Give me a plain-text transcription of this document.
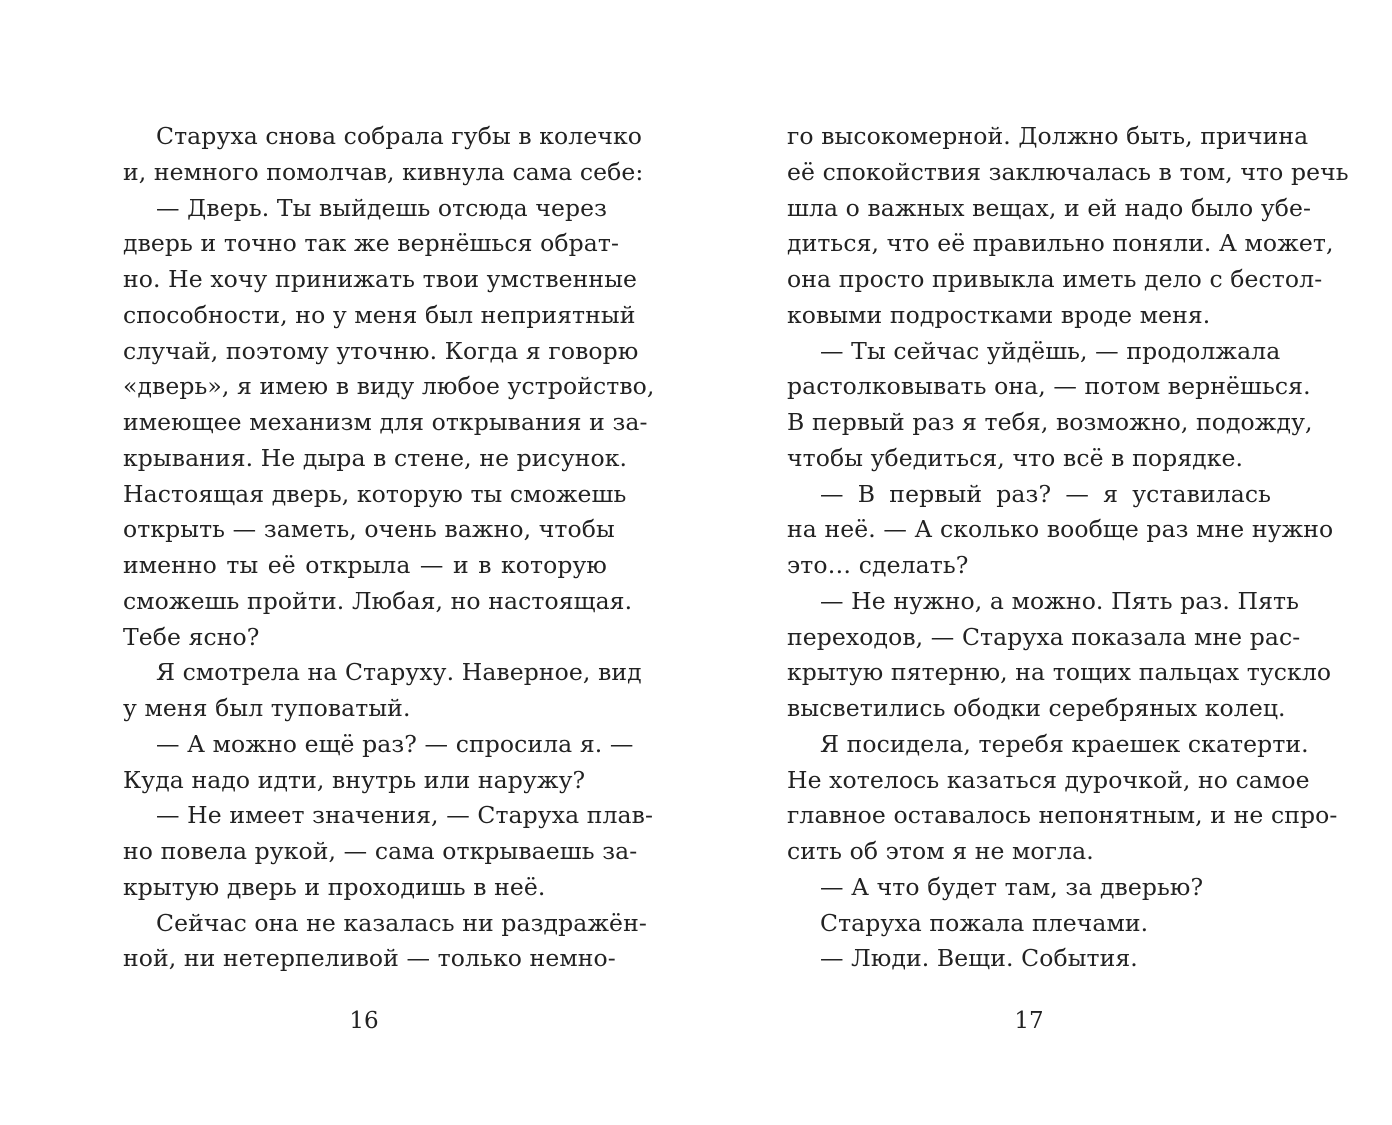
Старуха снова собрала губы в колечко
и, немного помолчав, кивнула сама себе:
— Дверь. Ты выйдешь отсюда через
дверь и точно так же вернёшься обрат-
но. Не хочу принижать твои умственные
способности, но у меня был неприятный
случай, поэтому уточню. Когда я говорю
«дверь», я имею в виду любое устройство,
имеющее механизм для открывания и за-
крывания. Не дыра в стене, не рисунок.
Настоящая дверь, которую ты сможешь
открыть — заметь, очень важно, чтобы
именно ты её открыла — и в которую
сможешь пройти. Любая, но настоящая.
Тебе ясно?
Я смотрела на Старуху. Наверное, вид
у меня был туповатый.
— А можно ещё раз? — спросила я. —
Куда надо идти, внутрь или наружу?
— Не имеет значения, — Старуха плав-
но повела рукой, — сама открываешь за-
крытую дверь и проходишь в неё.
Сейчас она не казалась ни раздражён-
ной, ни нетерпеливой — только немно-
го высокомерной. Должно быть, причина
её спокойствия заключалась в том, что речь
шла о важных вещах, и ей надо было убе-
диться, что её правильно поняли. А может,
она просто привыкла иметь дело с бестол-
ковыми подростками вроде меня.
— Ты сейчас уйдёшь, — продолжала
растолковывать она, — потом вернёшься.
В первый раз я тебя, возможно, подожду,
чтобы убедиться, что всё в порядке.
— В первый раз? — я уставилась
на неё. — А сколько вообще раз мне нужно
это… сделать?
— Не нужно, а можно. Пять раз. Пять
переходов, — Старуха показала мне рас-
крытую пятерню, на тощих пальцах тускло
высветились ободки серебряных колец.
Я посидела, теребя краешек скатерти.
Не хотелось казаться дурочкой, но самое
главное оставалось непонятным, и не спро-
сить об этом я не могла.
— А что будет там, за дверью?
Старуха пожала плечами.
— Люди. Вещи. События.
16	17
